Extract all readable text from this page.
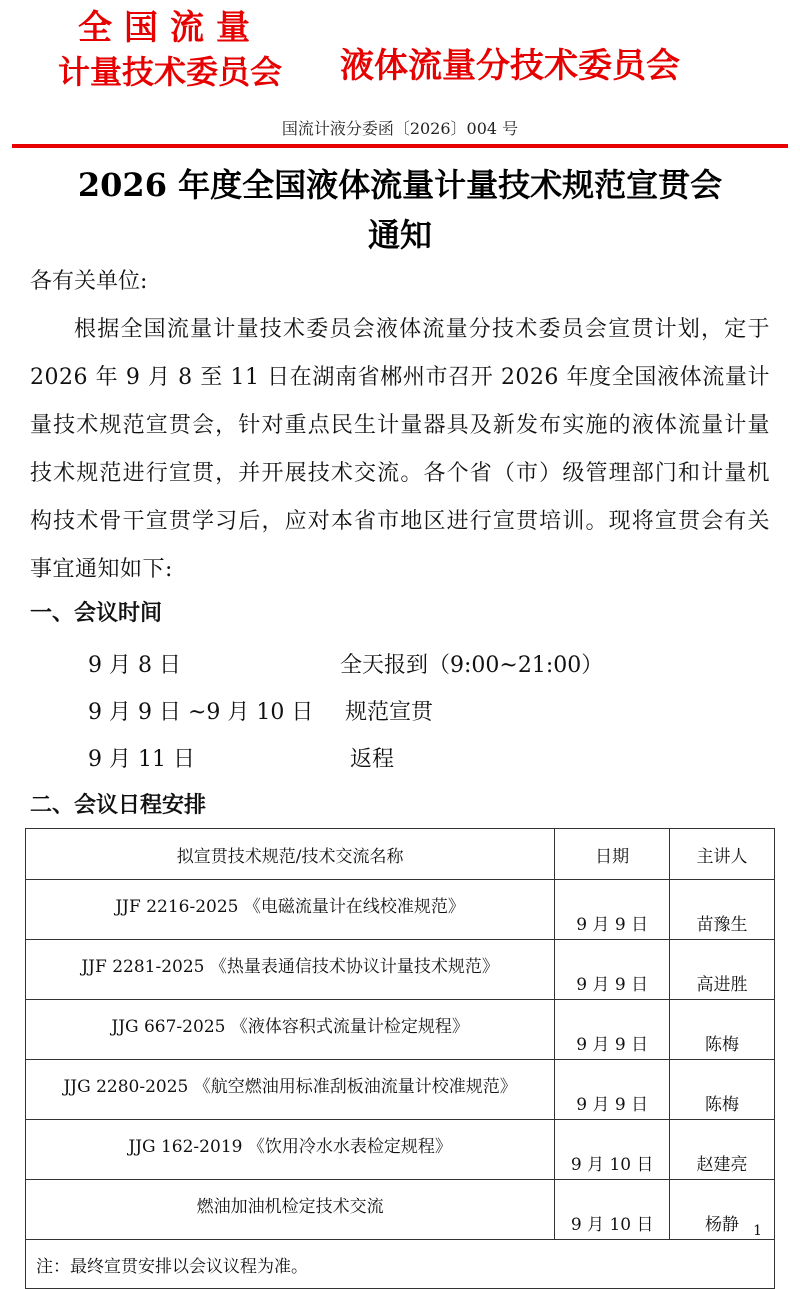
全国流量
计量技术委员会	液体流量分技术委员会
国流计液分委函〔2026〕004 号
2026 年度全国液体流量计量技术规范宣贯会
通知
各有关单位:
根据全国流量计量技术委员会液体流量分技术委员会宣贯计划，定于 2026 年 9 月 8 至 11 日在湖南省郴州市召开 2026 年度全国液体流量计量技术规范宣贯会，针对重点民生计量器具及新发布实施的液体流量计量技术规范进行宣贯，并开展技术交流。各个省（市）级管理部门和计量机构技术骨干宣贯学习后，应对本省市地区进行宣贯培训。现将宣贯会有关事宜通知如下:
一、会议时间
9 月 8 日	全天报到（9:00~21:00）
9 月 9 日 ~9 月 10 日 规范宣贯
9 月 11 日	返程
二、会议日程安排
拟宣贯技术规范/技术交流名称	日期	主讲人
JJF 2216-2025 《电磁流量计在线校准规范》	9 月 9 日	苗豫生
JJF 2281-2025 《热量表通信技术协议计量技术规范》	9 月 9 日	高进胜
JJG 667-2025 《液体容积式流量计检定规程》	9 月 9 日	陈梅
JJG 2280-2025 《航空燃油用标准刮板油流量计校准规范》	9 月 9 日	陈梅
JJG 162-2019 《饮用冷水水表检定规程》	9 月 10 日	赵建亮
燃油加油机检定技术交流	9 月 10 日	杨静
注：最终宣贯安排以会议议程为准。		
1
